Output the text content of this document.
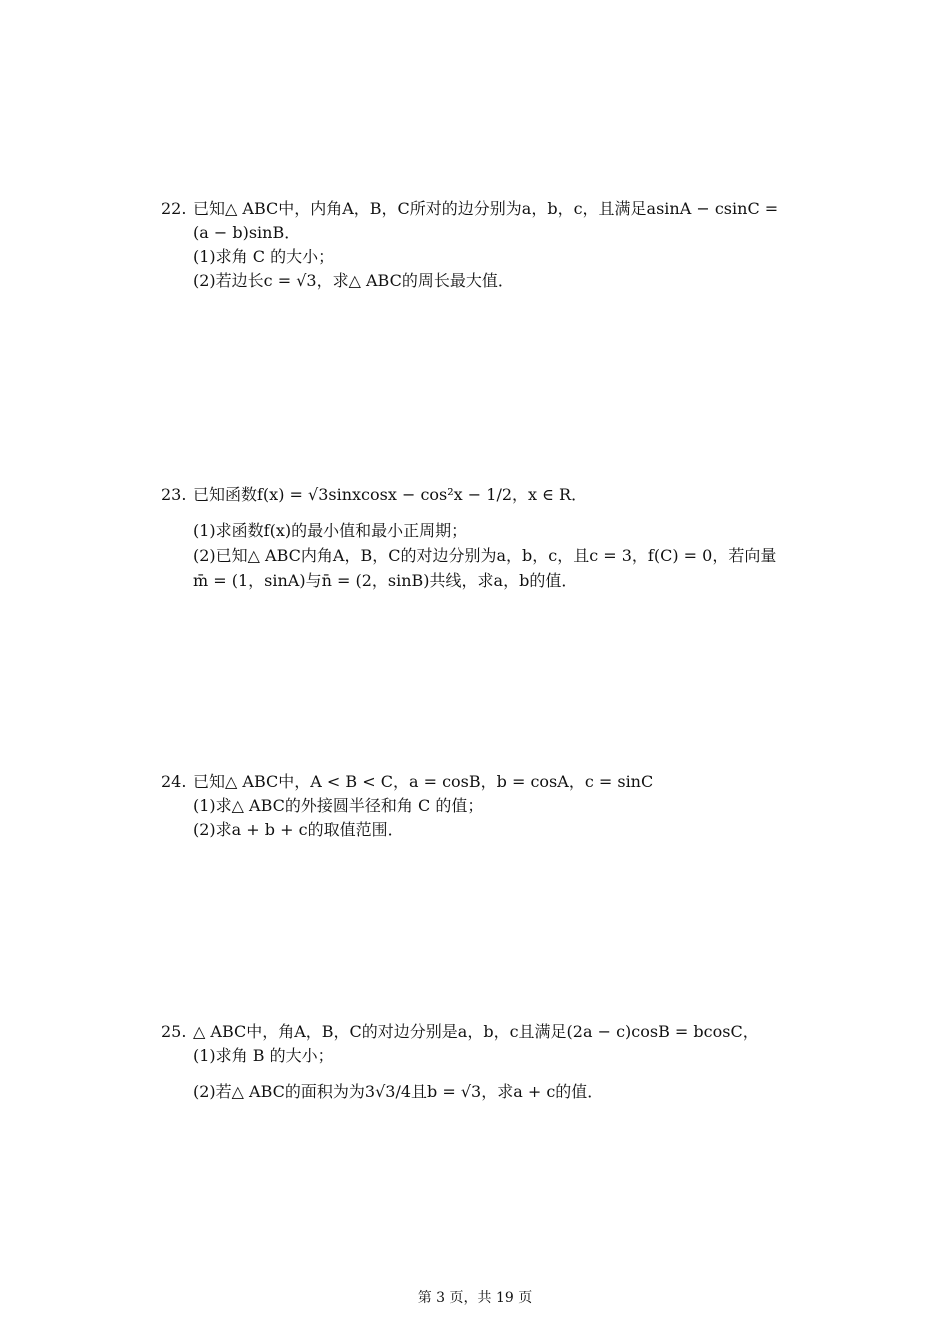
22. 已知△ ABC中，内角A，B，C所对的边分别为a，b，c，且满足asinA − csinC =
(a − b)sinB．
(1)求角 C 的大小；
(2)若边长c = √3，求△ ABC的周长最大值．
23. 已知函数f(x) = √3sinxcosx − cos²x − 1/2，x ∈ R．
(1)求函数f(x)的最小值和最小正周期；
(2)已知△ ABC内角A，B，C的对边分别为a，b，c，且c = 3，f(C) = 0，若向量
m̄ = (1，sinA)与n̄ = (2，sinB)共线，求a，b的值．
24. 已知△ ABC中，A < B < C，a = cosB，b = cosA，c = sinC
(1)求△ ABC的外接圆半径和角 C 的值；
(2)求a + b + c的取值范围．
25. △ ABC中，角A，B，C的对边分别是a，b，c且满足(2a − c)cosB = bcosC，
(1)求角 B 的大小；
(2)若△ ABC的面积为为3√3/4且b = √3，求a + c的值．
第 3 页，共 19 页
